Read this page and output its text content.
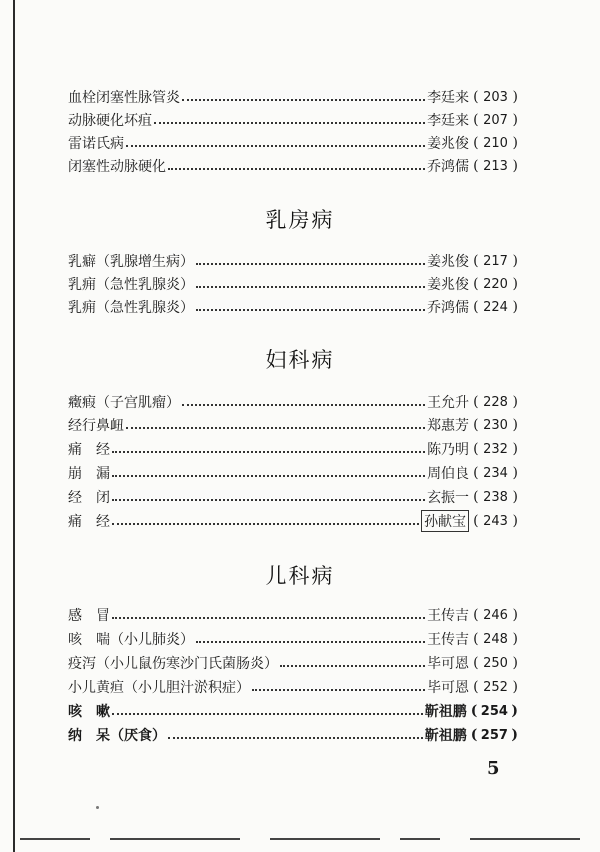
血栓闭塞性脉管炎	李廷来 ( 203 )
动脉硬化坏疽	李廷来 ( 207 )
雷诺氏病	姜兆俊 ( 210 )
闭塞性动脉硬化	乔鸿儒 ( 213 )
乳房病
乳癖（乳腺增生病）	姜兆俊 ( 217 )
乳痈（急性乳腺炎）	姜兆俊 ( 220 )
乳痈（急性乳腺炎）	乔鸿儒 ( 224 )
妇科病
癥瘕（子宫肌瘤）	王允升 ( 228 )
经行鼻衄	郑惠芳 ( 230 )
痛　经	陈乃明 ( 232 )
崩　漏	周伯良 ( 234 )
经　闭	玄振一 ( 238 )
痛　经	孙献宝 ( 243 )
儿科病
感　冒	王传吉 ( 246 )
咳　喘（小儿肺炎）	王传吉 ( 248 )
疫泻（小儿鼠伤寒沙门氏菌肠炎）	毕可恩 ( 250 )
小儿黄疸（小儿胆汁淤积症）	毕可恩 ( 252 )
咳　嗽	靳祖鹏 ( 254 )
纳　呆（厌食）	靳祖鹏 ( 257 )
5
